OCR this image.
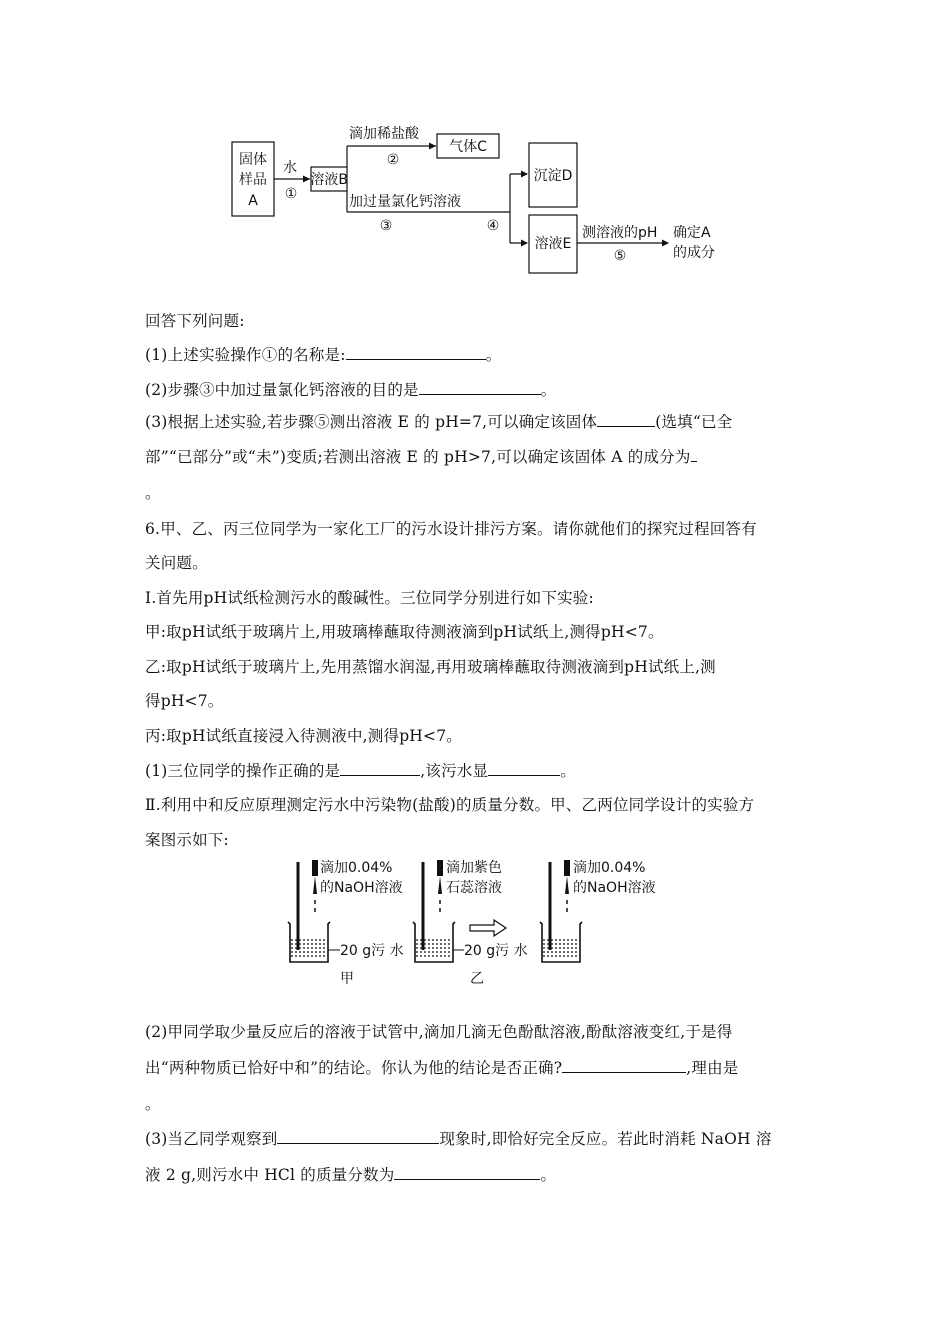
固体
样品
A
水
①
溶液B
滴加稀盐酸
②
气体C
加过量氯化钙溶液
③	④
沉淀D
溶液E
测溶液的pH
⑤
确定A
的成分
回答下列问题:
(1)上述实验操作①的名称是:	。
(2)步骤③中加过量氯化钙溶液的目的是	。
(3)根据上述实验,若步骤⑤测出溶液 E 的 pH=7,可以确定该固体	(选填“已全
部”“已部分”或“未”)变质;若测出溶液 E 的 pH>7,可以确定该固体 A 的成分为
。
6.甲、乙、丙三位同学为一家化工厂的污水设计排污方案。请你就他们的探究过程回答有
关问题。
Ⅰ.首先用pH试纸检测污水的酸碱性。三位同学分别进行如下实验:
甲:取pH试纸于玻璃片上,用玻璃棒蘸取待测液滴到pH试纸上,测得pH<7。
乙:取pH试纸于玻璃片上,先用蒸馏水润湿,再用玻璃棒蘸取待测液滴到pH试纸上,测
得pH<7。
丙:取pH试纸直接浸入待测液中,测得pH<7。
(1)三位同学的操作正确的是	,该污水显	。
Ⅱ.利用中和反应原理测定污水中污染物(盐酸)的质量分数。甲、乙两位同学设计的实验方
案图示如下:
滴加0.04%
的NaOH溶液
20 g污 水
甲
滴加紫色
石蕊溶液
20 g污 水
乙
滴加0.04%
的NaOH溶液
(2)甲同学取少量反应后的溶液于试管中,滴加几滴无色酚酞溶液,酚酞溶液变红,于是得
出“两种物质已恰好中和”的结论。你认为他的结论是否正确?	,理由是
。
(3)当乙同学观察到	现象时,即恰好完全反应。若此时消耗 NaOH 溶
液 2 g,则污水中 HCl 的质量分数为	。
